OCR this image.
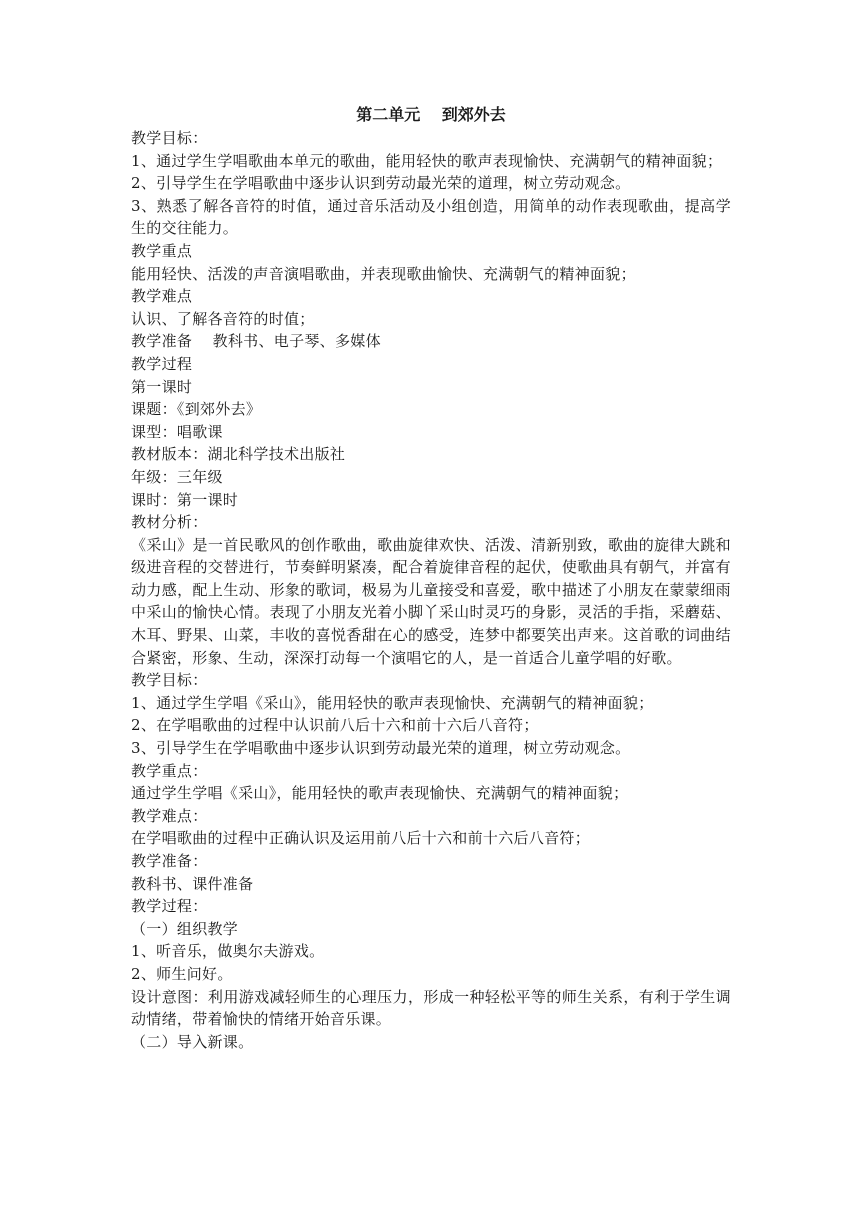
第二单元　 到郊外去
教学目标：
1、通过学生学唱歌曲本单元的歌曲，能用轻快的歌声表现愉快、充满朝气的精神面貌；
2、引导学生在学唱歌曲中逐步认识到劳动最光荣的道理，树立劳动观念。
3、熟悉了解各音符的时值，通过音乐活动及小组创造，用简单的动作表现歌曲，提高学生的交往能力。
教学重点
能用轻快、活泼的声音演唱歌曲，并表现歌曲愉快、充满朝气的精神面貌；
教学难点
认识、了解各音符的时值；
教学准备　 教科书、电子琴、多媒体
教学过程
第一课时
课题：《到郊外去》
课型：唱歌课
教材版本：湖北科学技术出版社
年级：三年级
课时：第一课时
教材分析：
《采山》是一首民歌风的创作歌曲，歌曲旋律欢快、活泼、清新别致，歌曲的旋律大跳和级进音程的交替进行，节奏鲜明紧凑，配合着旋律音程的起伏，使歌曲具有朝气，并富有动力感，配上生动、形象的歌词，极易为儿童接受和喜爱，歌中描述了小朋友在蒙蒙细雨中采山的愉快心情。表现了小朋友光着小脚丫采山时灵巧的身影，灵活的手指，采蘑菇、木耳、野果、山菜，丰收的喜悦香甜在心的感受，连梦中都要笑出声来。这首歌的词曲结合紧密，形象、生动，深深打动每一个演唱它的人，是一首适合儿童学唱的好歌。
教学目标：
1、通过学生学唱《采山》，能用轻快的歌声表现愉快、充满朝气的精神面貌；
2、在学唱歌曲的过程中认识前八后十六和前十六后八音符；
3、引导学生在学唱歌曲中逐步认识到劳动最光荣的道理，树立劳动观念。
教学重点：
通过学生学唱《采山》，能用轻快的歌声表现愉快、充满朝气的精神面貌；
教学难点：
在学唱歌曲的过程中正确认识及运用前八后十六和前十六后八音符；
教学准备：
教科书、课件准备
教学过程：
（一）组织教学
1、听音乐，做奥尔夫游戏。
2、师生问好。
设计意图：利用游戏减轻师生的心理压力，形成一种轻松平等的师生关系，有利于学生调动情绪，带着愉快的情绪开始音乐课。
（二）导入新课。
